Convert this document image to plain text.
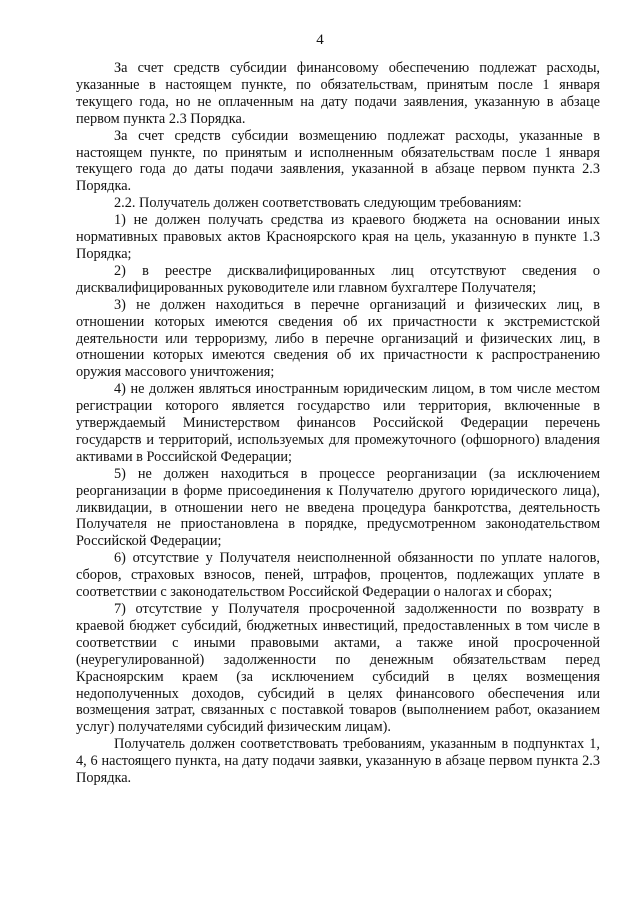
4

За счет средств субсидии финансовому обеспечению подлежат расходы, указанные в настоящем пункте, по обязательствам, принятым после 1 января текущего года, но не оплаченным на дату подачи заявления, указанную в абзаце первом пункта 2.3 Порядка.

За счет средств субсидии возмещению подлежат расходы, указанные в настоящем пункте, по принятым и исполненным обязательствам после 1 января текущего года до даты подачи заявления, указанной в абзаце первом пункта 2.3 Порядка.

2.2. Получатель должен соответствовать следующим требованиям:

1) не должен получать средства из краевого бюджета на основании иных нормативных правовых актов Красноярского края на цель, указанную в пункте 1.3 Порядка;

2) в реестре дисквалифицированных лиц отсутствуют сведения о дисквалифицированных руководителе или главном бухгалтере Получателя;

3) не должен находиться в перечне организаций и физических лиц, в отношении которых имеются сведения об их причастности к экстремистской деятельности или терроризму, либо в перечне организаций и физических лиц, в отношении которых имеются сведения об их причастности к распространению оружия массового уничтожения;

4) не должен являться иностранным юридическим лицом, в том числе местом регистрации которого является государство или территория, включенные в утверждаемый Министерством финансов Российской Федерации перечень государств и территорий, используемых для промежуточного (офшорного) владения активами в Российской Федерации;

5) не должен находиться в процессе реорганизации (за исключением реорганизации в форме присоединения к Получателю другого юридического лица), ликвидации, в отношении него не введена процедура банкротства, деятельность Получателя не приостановлена в порядке, предусмотренном законодательством Российской Федерации;

6) отсутствие у Получателя неисполненной обязанности по уплате налогов, сборов, страховых взносов, пеней, штрафов, процентов, подлежащих уплате в соответствии с законодательством Российской Федерации о налогах и сборах;

7) отсутствие у Получателя просроченной задолженности по возврату в краевой бюджет субсидий, бюджетных инвестиций, предоставленных в том числе в соответствии с иными правовыми актами, а также иной просроченной (неурегулированной) задолженности по денежным обязательствам перед Красноярским краем (за исключением субсидий в целях возмещения недополученных доходов, субсидий в целях финансового обеспечения или возмещения затрат, связанных с поставкой товаров (выполнением работ, оказанием услуг) получателями субсидий физическим лицам).

Получатель должен соответствовать требованиям, указанным в подпунктах 1, 4, 6 настоящего пункта, на дату подачи заявки, указанную в абзаце первом пункта 2.3 Порядка.
